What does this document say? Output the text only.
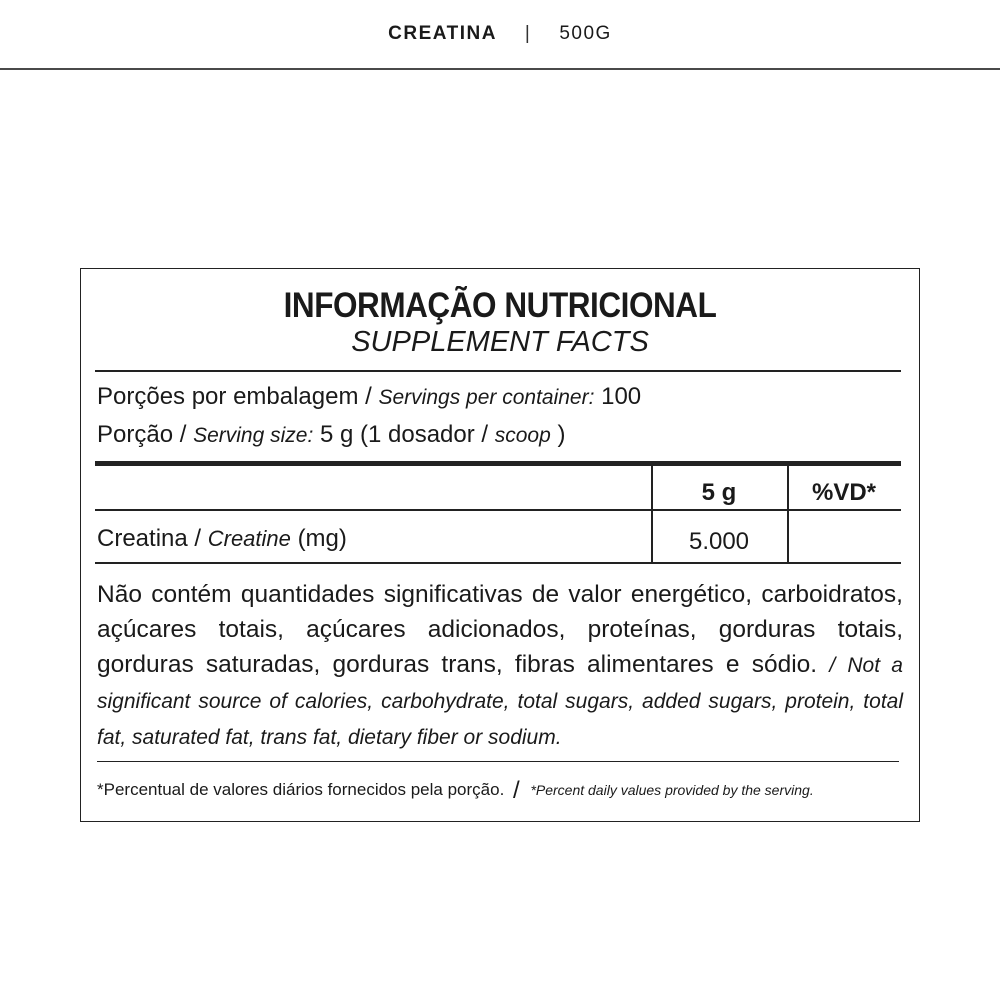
CREATINA | 500G
INFORMAÇÃO NUTRICIONAL
SUPPLEMENT FACTS
Porções por embalagem / Servings per container: 100
Porção / Serving size: 5 g (1 dosador / scoop )
5 g	%VD*
Creatina / Creatine (mg)	5.000
Não contém quantidades significativas de valor energético, carboidratos, açúcares totais, açúcares adicionados, proteínas, gorduras totais, gorduras saturadas, gorduras trans, fibras alimentares e sódio. / Not a significant source of calories, carbohydrate, total sugars, added sugars, protein, total fat, saturated fat, trans fat, dietary fiber or sodium.
*Percentual de valores diários fornecidos pela porção. / *Percent daily values provided by the serving.
